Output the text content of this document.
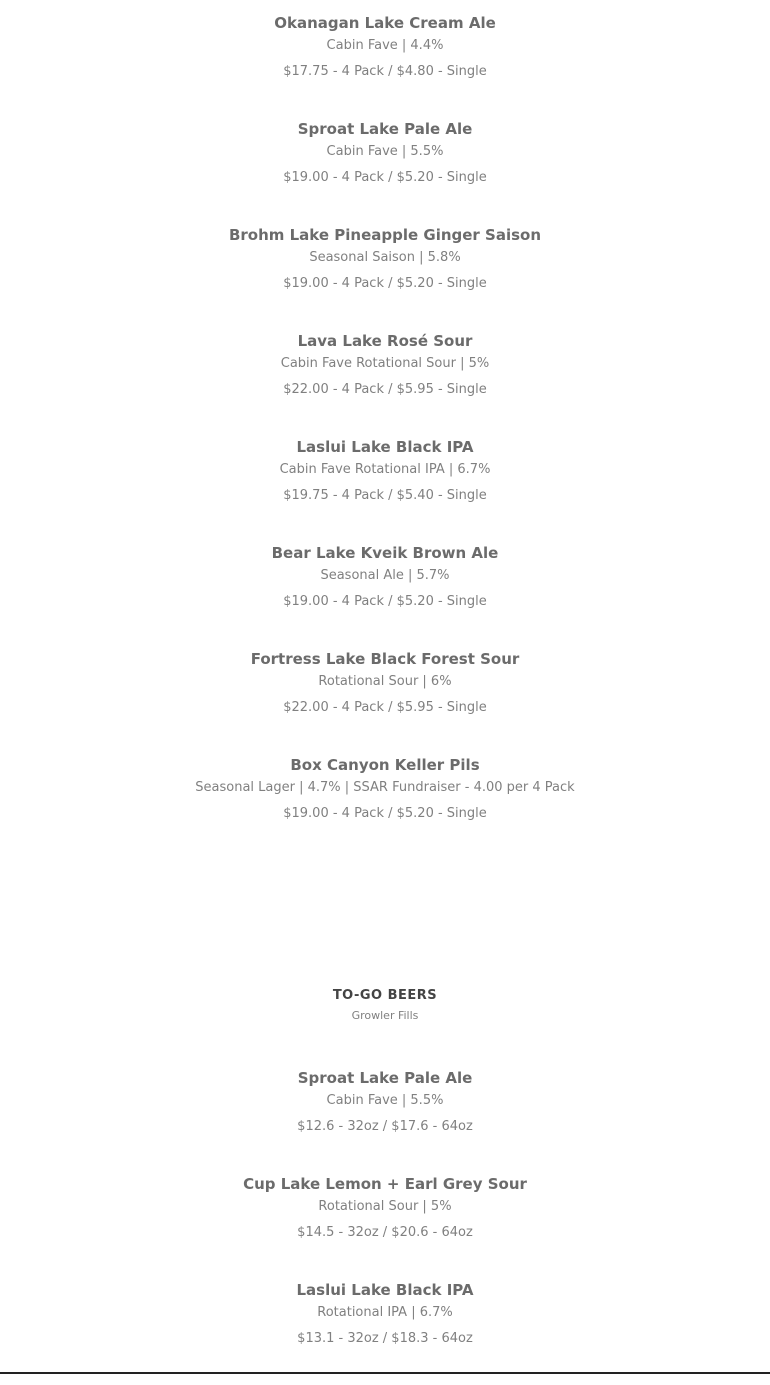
Okanagan Lake Cream Ale
Cabin Fave | 4.4%
$17.75 - 4 Pack / $4.80 - Single
Sproat Lake Pale Ale
Cabin Fave | 5.5%
$19.00 - 4 Pack / $5.20 - Single
Brohm Lake Pineapple Ginger Saison
Seasonal Saison | 5.8%
$19.00 - 4 Pack / $5.20 - Single
Lava Lake Rosé Sour
Cabin Fave Rotational Sour | 5%
$22.00 - 4 Pack / $5.95 - Single
Laslui Lake Black IPA
Cabin Fave Rotational IPA | 6.7%
$19.75 - 4 Pack / $5.40 - Single
Bear Lake Kveik Brown Ale
Seasonal Ale | 5.7%
$19.00 - 4 Pack / $5.20 - Single
Fortress Lake Black Forest Sour
Rotational Sour | 6%
$22.00 - 4 Pack / $5.95 - Single
Box Canyon Keller Pils
Seasonal Lager | 4.7% | SSAR Fundraiser - 4.00 per 4 Pack
$19.00 - 4 Pack / $5.20 - Single
TO-GO BEERS
Growler Fills
Sproat Lake Pale Ale
Cabin Fave | 5.5%
$12.6 - 32oz / $17.6 - 64oz
Cup Lake Lemon + Earl Grey Sour
Rotational Sour | 5%
$14.5 - 32oz / $20.6 - 64oz
Laslui Lake Black IPA
Rotational IPA | 6.7%
$13.1 - 32oz / $18.3 - 64oz
